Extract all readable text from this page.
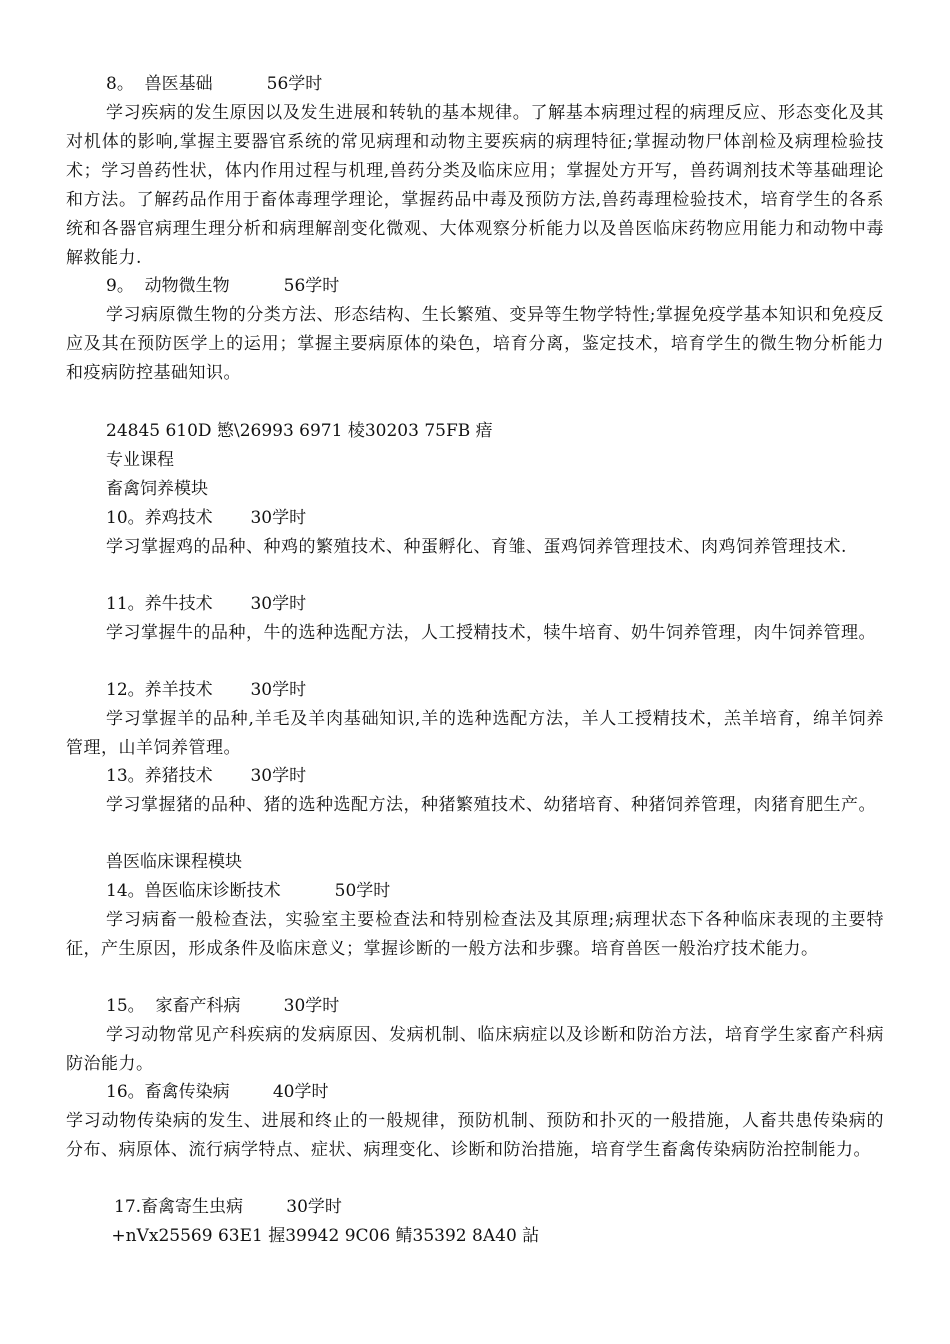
8。  兽医基础          56学时
学习疾病的发生原因以及发生进展和转轨的基本规律。了解基本病理过程的病理反应、形态变化及其对机体的影响,掌握主要器官系统的常见病理和动物主要疾病的病理特征;掌握动物尸体剖检及病理检验技术；学习兽药性状，体内作用过程与机理,兽药分类及临床应用；掌握处方开写，兽药调剂技术等基础理论和方法。了解药品作用于畜体毒理学理论，掌握药品中毒及预防方法,兽药毒理检验技术，培育学生的各系统和各器官病理生理分析和病理解剖变化微观、大体观察分析能力以及兽医临床药物应用能力和动物中毒解救能力.
9。  动物微生物          56学时
学习病原微生物的分类方法、形态结构、生长繁殖、变异等生物学特性;掌握免疫学基本知识和免疫反应及其在预防医学上的运用；掌握主要病原体的染色，培育分离，鉴定技术，培育学生的微生物分析能力和疫病防控基础知识。
24845 610D 慜\26993 6971 棱30203 75FB 瘖
专业课程
畜禽饲养模块
10。养鸡技术       30学时
学习掌握鸡的品种、种鸡的繁殖技术、种蛋孵化、育雏、蛋鸡饲养管理技术、肉鸡饲养管理技术.
11。养牛技术       30学时
学习掌握牛的品种，牛的选种选配方法，人工授精技术，犊牛培育、奶牛饲养管理，肉牛饲养管理。
12。养羊技术       30学时
学习掌握羊的品种,羊毛及羊肉基础知识,羊的选种选配方法，羊人工授精技术，羔羊培育，绵羊饲养管理，山羊饲养管理。
13。养猪技术       30学时
学习掌握猪的品种、猪的选种选配方法，种猪繁殖技术、幼猪培育、种猪饲养管理，肉猪育肥生产。
兽医临床课程模块
14。兽医临床诊断技术          50学时
学习病畜一般检查法，实验室主要检查法和特别检查法及其原理;病理状态下各种临床表现的主要特征，产生原因，形成条件及临床意义；掌握诊断的一般方法和步骤。培育兽医一般治疗技术能力。
15。  家畜产科病        30学时
学习动物常见产科疾病的发病原因、发病机制、临床病症以及诊断和防治方法，培育学生家畜产科病防治能力。
16。畜禽传染病        40学时
学习动物传染病的发生、进展和终止的一般规律，预防机制、预防和扑灭的一般措施，人畜共患传染病的分布、病原体、流行病学特点、症状、病理变化、诊断和防治措施，培育学生畜禽传染病防治控制能力。
17.畜禽寄生虫病        30学时
+nVx25569 63E1 握39942 9C06 鲭35392 8A40 詀
